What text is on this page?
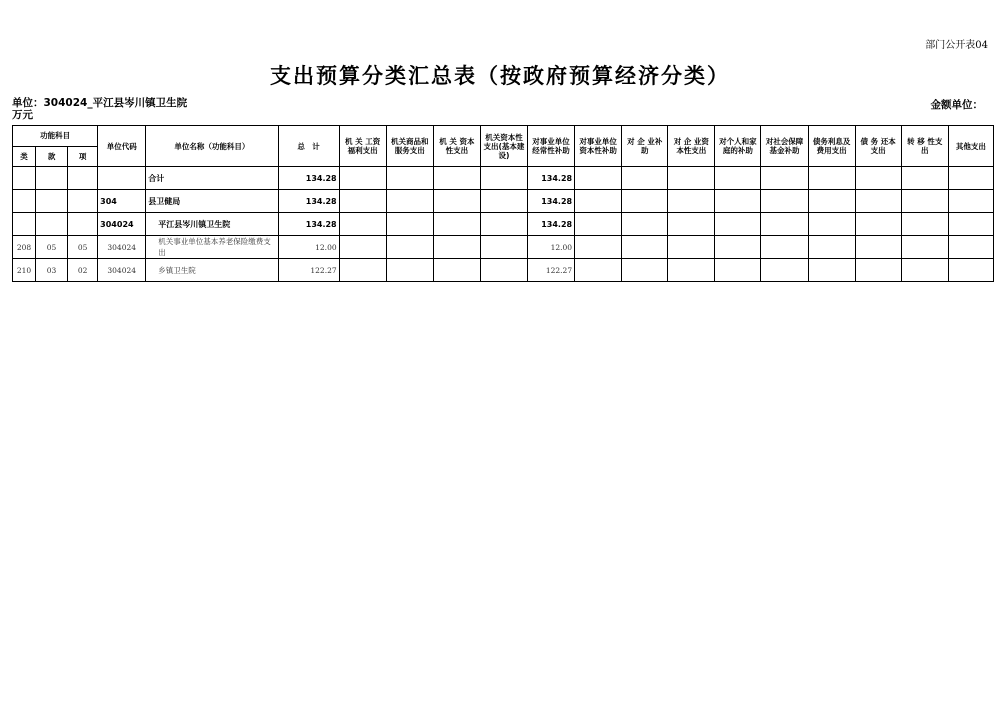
部门公开表04
支出预算分类汇总表（按政府预算经济分类）
单位：304024_平江县岑川镇卫生院
万元
金额单位：
功能科目			单位代码	单位名称（功能科目）	总　计	机 关 工资 福利支出	机关商品和服务支出	机 关 资本 性支出	机关资本性支出(基本建设)	对事业单位经常性补助	对事业单位资本性补助	对 企 业补 助	对 企 业资 本性支出	对个人和家庭的补助	对社会保障基金补助	债务利息及费用支出	债 务 还本 支出	转 移 性支 出	其他支出
类	款	项																	
				合计	134.28					134.28									
			304	县卫健局	134.28					134.28									
			304024	平江县岑川镇卫生院	134.28					134.28									
208	05	05	304024	机关事业单位基本养老保险缴费支出	12.00					12.00									
210	03	02	304024	乡镇卫生院	122.27					122.27									
